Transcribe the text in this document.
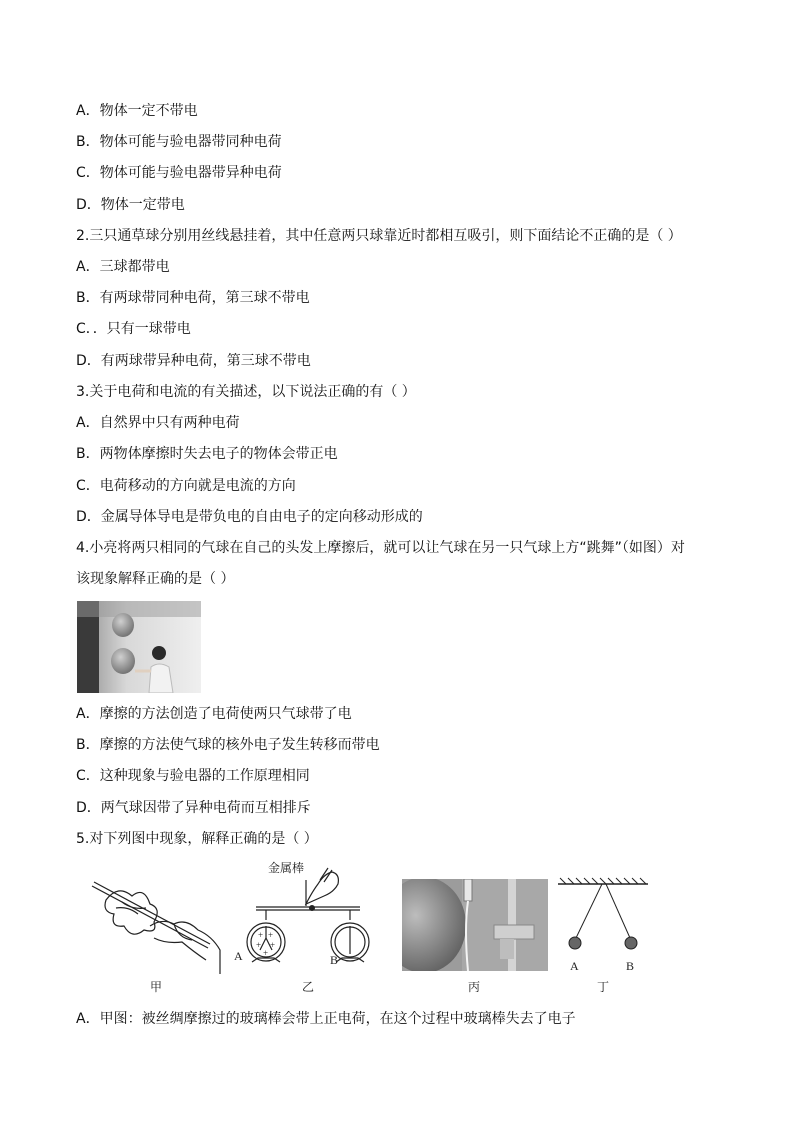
A．物体一定不带电
B．物体可能与验电器带同种电荷
C．物体可能与验电器带异种电荷
D．物体一定带电
2.三只通草球分别用丝线悬挂着，其中任意两只球靠近时都相互吸引，则下面结论不正确的是（ ）
A．三球都带电
B．有两球带同种电荷，第三球不带电
C．．只有一球带电
D．有两球带异种电荷，第三球不带电
3.关于电荷和电流的有关描述，以下说法正确的有（ ）
A．自然界中只有两种电荷
B．两物体摩擦时失去电子的物体会带正电
C．电荷移动的方向就是电流的方向
D．金属导体导电是带负电的自由电子的定向移动形成的
4.小亮将两只相同的气球在自己的头发上摩擦后，就可以让气球在另一只气球上方“跳舞”（如图）对
该现象解释正确的是（ ）
A．摩擦的方法创造了电荷使两只气球带了电
B．摩擦的方法使气球的核外电子发生转移而带电
C．这种现象与验电器的工作原理相同
D．两气球因带了异种电荷而互相排斥
5.对下列图中现象，解释正确的是（ ）
+ +
+ +
+
金属棒
A	B	A	B
甲	乙	丙	丁
A．甲图：被丝绸摩擦过的玻璃棒会带上正电荷，在这个过程中玻璃棒失去了电子
